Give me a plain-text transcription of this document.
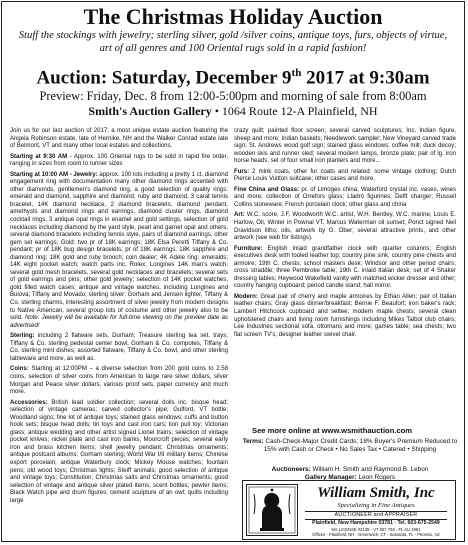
The Christmas Holiday Auction
Stuff the stockings with jewelry; sterling silver, gold /silver coins, antique toys, furs, objects of virtue, art of all genres and 100 Oriental rugs sold in a rapid fashion!
Auction: Saturday, December 9th 2017 at 9:30am
Preview: Friday, Dec. 8 from 12:00-5:00pm and morning of sale from 8:00am
Smith's Auction Gallery • 1064 Route 12-A Plainfield, NH

Join us for our last auction of 2017; a most unique estate auction featuring the Angela Robinson estate, late of Hernike, NH and the Walker Conrad estate late of Belmont, VT and many other local estates and collections.

Starting at 9:30 AM - Approx. 100 Oriental rugs to be sold in rapid fire order, ranging in sizes from room to runner sizes

Starting at 10:00 AM - Jewelry: approx. 100 lots including a pretty 1 ct. diamond engagement ring with documentation many other diamond rings accented with other diamonds, gentlemen's diamond ring, a good selection of quality rings: emerald and diamond, sapphire and diamond, ruby and diamond, 3 carat tennis bracelet, 14K diamond necklace, 2 diamond bracelets, diamond pendant, amethysts and diamond rings and earrings, diamond cluster rings, diamond cocktail rings, 3 antique opal rings in enamel and gold settings, selection of gold necklaces including diamond by the yard style, pearl and garnet opal and others, several diamond bracelets including tennis style, pairs of diamond earrings, other gem set earrings; Gold: two pr of 18K earrings; 18K Elsa Peretti Tiffany & Co. pendant; pr of 18K bug design bracelets; pr of 18K earrings; 18K sapphire and diamond ring; 18K gold and ruby brooch; coin dealer; 4K Adele ring; emeralds; 14K eight pocket watch; watch parts inc. Rolex; Longines 14K man's watch; several gold mesh bracelets, several gold necklaces and bracelets; several sets of gold earrings and pins; other gold jewelry; selection of 14K pocket watches, gold filled watch cases; antique and vintage watches, including Longines and Bulova; Tiffany and Movado; sterling silver: Gorham and Jensen lighter, Tiffany & Co. sterling charms, interesting assortment of silver jewelry from modern designs to Native American, several group lots of costume and other jewelry also to be sold. Note: Jewelry will be available for full-time viewing on the preview date as advertised!

Sterling: including 2 flatware sets, Durham; Treasure sterling tea set, trays; Tiffany & Co. sterling pedestal center bowl, Gorham & Co. compotes, Tiffany & Co. sterling mint dishes; assorted flatware, Tiffany & Co. bowl, and other sterling tableware and more, as well as.

Coins: Starting at 12:00PM – a diverse selection from 200 gold coins to 2.58 coins, selection of silver coins from American to large rare silver dollars, silver Morgan and Peace silver dollars, various proof sets, paper currency and much more.

Accessories: British lead soldier collection; several dolls inc. bisque head; selection of vintage cameras; carved collector's pipe; Gulford, VT bottle; Woodland signs; fine lot of antique toys; stained glass windows; cuffs and button hook sets; bisque head dolls; tin toys and cast iron cars; lion pull toy; Victorian glass; antique wedding and other artist signed Lionel trains; selection of vintage pocket knives; nickel plate and cast iron banks; Moorcroft pieces; several early iron and brass kitchen items; shell jewelry pendant; Christmas ornaments; antique postcard albums; Gorham sterling; World War I/II military items; Chinese export porcelain; antique Waterbury clock; Mickey Mouse watches; fountain pens; old wood toys; Christmas lights; Steiff animals; good selection of antique and vintage toys; Constitution; Christmas salts and Christmas ornaments; good selection of vintage and antique silver plated items; scent bottles; pewter items; Black Watch pipe and drum figures; cement sculpture of an owl; quilts including large

crazy quilt; painted floor screen; several carved sculptures; Inc. Indian figure, sheep and more; Indian baskets; Needlework sampler; New Vineyard carved trade sign; St. Andrews wood golf sign; stained glass windows; coffee mill; duck decoy; wooden skis and runner sled; several modern lamps, bronze plate; pair of lg. iron horse heads; set of four small iron planters and more...

Furs: 2 mink coats, other fur coats and related: some vintage clothing; Dutch Pierce Louis Vuitton suitcase; other cases and more.

Fine China and Glass: pr. of Limoges china; Waterford crystal inc. vases, wines and more; collection of Orrefors glass; Lladró figurines; Delft charger; Russell Collins stoneware; French porcelain clock; other glass and china

Art: W.C. score, J.F. Woodworth W.C. artist, W.H. Bentley, W.C. marine; Louis E. Harlow, Oil, Winter in Pownal VT, Marcus Waterman oil sunset; Ponct signed Neil Dravidson litho; oils, artwork by G. Ober; several attractive prints, and other artwork (see web for listings).

Furniture: English inlaid grandfather clock with quarter columns; English executives desk with tooled leather top; country pine sink; country pine chests and armoire; 19th C. chests; school masters desk; Windsor and other period chairs; cross straddle; three Pembroke table; 19th C. inlaid Italian desk; set of 4 Shaker dressing tables; Heywood Wakefield vanity with matched wicker dresser and other; country hanging cupboard; period candle stand; hall mirror.

Modern: Great pair of cherry and maple armoires by Ethan Allen; pair of Italian leather chairs; Gray glass dinner/breakfast; Bernie F. Beaufort; iron baker's rack; Lambert Hitchcock cupboard and settee; modern maple chests; several clean upholstered chairs and living room furnishings including Mikes Talbot club chairs; Lee Industries sectional sofa, ottomans and more; games table; sea chests; two flat screen TV's; designer leather swivel chair.

See more online at www.wsmithauction.com
Terms: Cash-Check-Major Credit Cards; 18% Buyer's Premium Reduced to 15% with Cash or Check • No Sales Tax • Catered • Shipping
Auctioneers: William H. Smith and Raymond B. Lebon
Gallery Manager: Leon Rogers
William Smith, Inc
Specializing in Fine Antiques
AUCTIONEER and APPRAISER
Plainfield, New Hampshire 03781 · Tel. 603-675-2549
NH LICENSE #2135 · VT 057 792 · FL AU 1961
Offices - Plainfield, NH - Greenwich, CT - Sarasota, FL - Phoenix, AZ
